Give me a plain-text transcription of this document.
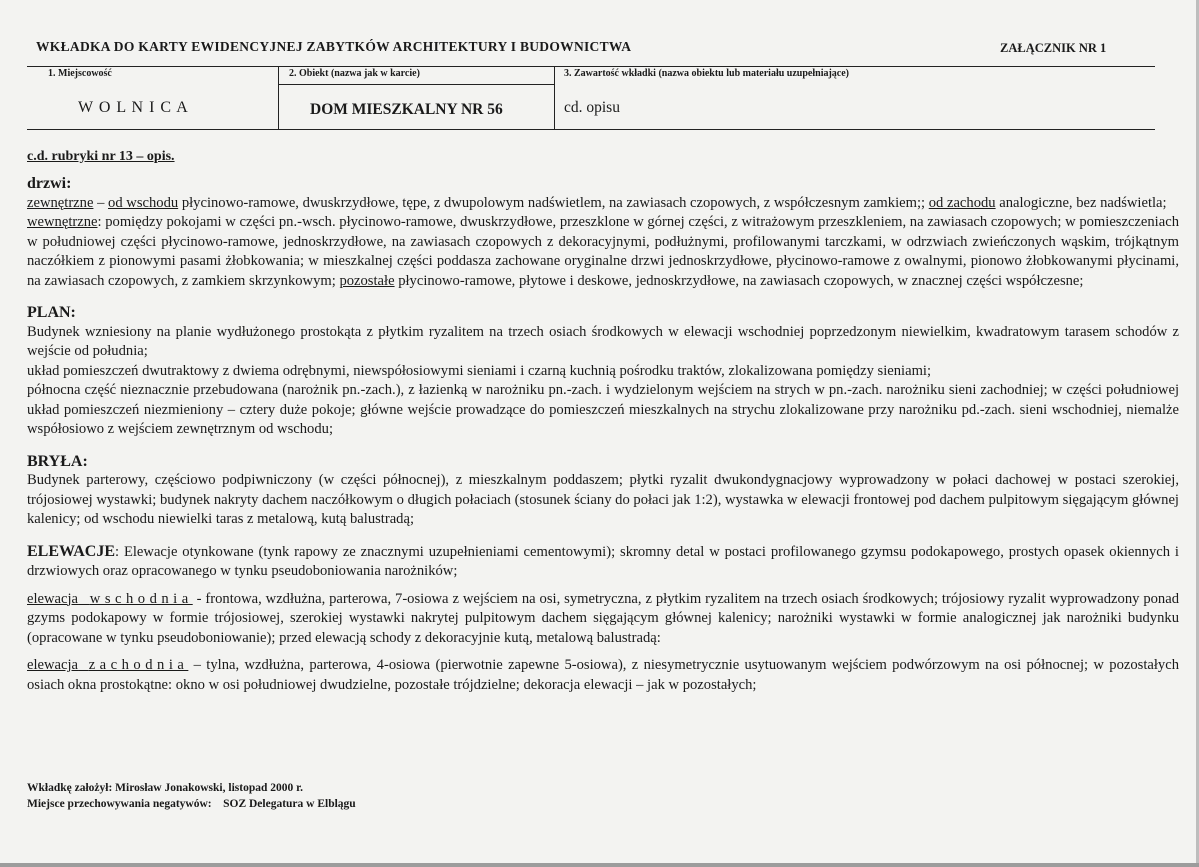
WKŁADKA DO KARTY EWIDENCYJNEJ ZABYTKÓW ARCHITEKTURY I BUDOWNICTWA	ZAŁĄCZNIK NR 1
1. Miejscowość
W O L N I C A
2. Obiekt (nazwa jak w karcie)
DOM MIESZKALNY NR 56
3. Zawartość wkładki (nazwa obiektu lub materiału uzupełniające)
cd. opisu
c.d. rubryki nr 13 – opis.

drzwi:

zewnętrzne – od wschodu płycinowo-ramowe, dwuskrzydłowe, tępe, z dwupolowym nadświetlem, na zawiasach czopowych, z współczesnym zamkiem;; od zachodu analogiczne, bez nadświetla;

wewnętrzne: pomiędzy pokojami w części pn.-wsch. płycinowo-ramowe, dwuskrzydłowe, przeszklone w górnej części, z witrażowym przeszkleniem, na zawiasach czopowych; w pomieszczeniach w południowej części płycinowo-ramowe, jednoskrzydłowe, na zawiasach czopowych z dekoracyjnymi, podłużnymi, profilowanymi tarczkami, w odrzwiach zwieńczonych wąskim, trójkątnym naczółkiem z pionowymi pasami żłobkowania; w mieszkalnej części poddasza zachowane oryginalne drzwi jednoskrzydłowe, płycinowo-ramowe z owalnymi, pionowo żłobkowanymi płycinami, na zawiasach czopowych, z zamkiem skrzynkowym; pozostałe płycinowo-ramowe, płytowe i deskowe, jednoskrzydłowe, na zawiasach czopowych, w znacznej części współczesne;

PLAN:

Budynek wzniesiony na planie wydłużonego prostokąta z płytkim ryzalitem na trzech osiach środkowych w elewacji wschodniej poprzedzonym niewielkim, kwadratowym tarasem schodów z wejście od południa;

układ pomieszczeń dwutraktowy z dwiema odrębnymi, niewspółosiowymi sieniami i czarną kuchnią pośrodku traktów, zlokalizowana pomiędzy sieniami;

północna część nieznacznie przebudowana (narożnik pn.-zach.), z łazienką w narożniku pn.-zach. i wydzielonym wejściem na strych w pn.-zach. narożniku sieni zachodniej; w części południowej układ pomieszczeń niezmieniony – cztery duże pokoje; główne wejście prowadzące do pomieszczeń mieszkalnych na strychu zlokalizowane przy narożniku pd.-zach. sieni wschodniej, niemalże współosiowo z wejściem zewnętrznym od wschodu;

BRYŁA:

Budynek parterowy, częściowo podpiwniczony (w części północnej), z mieszkalnym poddaszem; płytki ryzalit dwukondygnacjowy wyprowadzony w połaci dachowej w postaci szerokiej, trójosiowej wystawki; budynek nakryty dachem naczółkowym o długich połaciach (stosunek ściany do połaci jak 1:2), wystawka w elewacji frontowej pod dachem pulpitowym sięgającym głównej kalenicy; od wschodu niewielki taras z metalową, kutą balustradą;

ELEWACJE: Elewacje otynkowane (tynk rapowy ze znacznymi uzupełnieniami cementowymi); skromny detal w postaci profilowanego gzymsu podokapowego, prostych opasek okiennych i drzwiowych oraz opracowanego w tynku pseudoboniowania narożników;

elewacja wschodnia - frontowa, wzdłużna, parterowa, 7-osiowa z wejściem na osi, symetryczna, z płytkim ryzalitem na trzech osiach środkowych; trójosiowy ryzalit wyprowadzony ponad gzyms podokapowy w formie trójosiowej, szerokiej wystawki nakrytej pulpitowym dachem sięgającym głównej kalenicy; narożniki wystawki w formie analogicznej jak narożniki budynku (opracowane w tynku pseudoboniowanie); przed elewacją schody z dekoracyjnie kutą, metalową balustradą:

elewacja zachodnia – tylna, wzdłużna, parterowa, 4-osiowa (pierwotnie zapewne 5-osiowa), z niesymetrycznie usytuowanym wejściem podwórzowym na osi północnej; w pozostałych osiach okna prostokątne: okno w osi południowej dwudzielne, pozostałe trójdzielne; dekoracja elewacji – jak w pozostałych;

Wkładkę założył: Mirosław Jonakowski, listopad 2000 r.
Miejsce przechowywania negatywów: SOZ Delegatura w Elblągu
